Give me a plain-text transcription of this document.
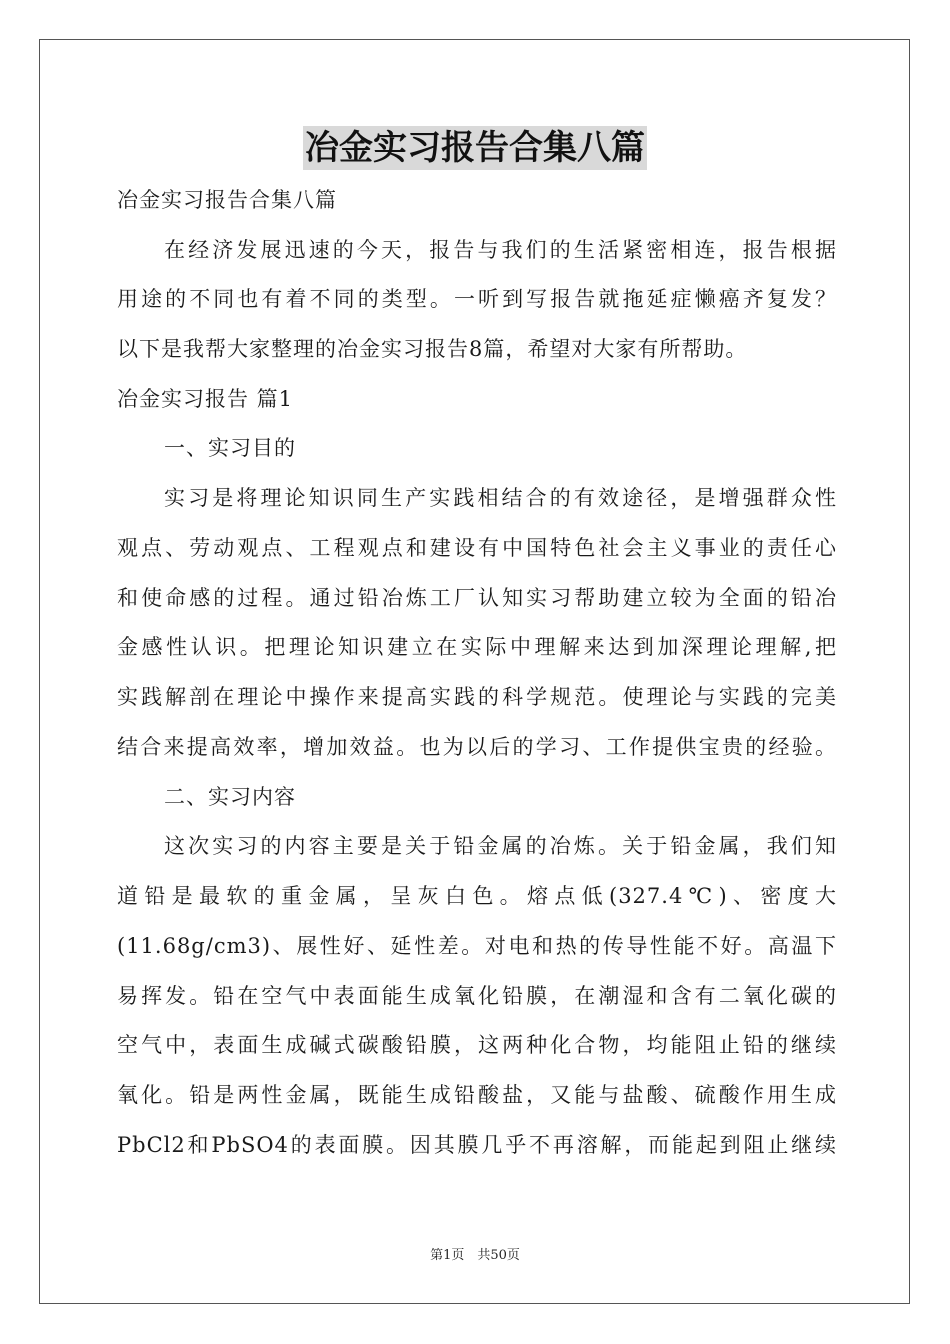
冶金实习报告合集八篇
冶金实习报告合集八篇
在经济发展迅速的今天，报告与我们的生活紧密相连，报告根据
用途的不同也有着不同的类型。一听到写报告就拖延症懒癌齐复发？
以下是我帮大家整理的冶金实习报告8篇，希望对大家有所帮助。
冶金实习报告 篇1
一、实习目的
实习是将理论知识同生产实践相结合的有效途径，是增强群众性
观点、劳动观点、工程观点和建设有中国特色社会主义事业的责任心
和使命感的过程。通过铅冶炼工厂认知实习帮助建立较为全面的铅冶
金感性认识。把理论知识建立在实际中理解来达到加深理论理解,把
实践解剖在理论中操作来提高实践的科学规范。使理论与实践的完美
结合来提高效率，增加效益。也为以后的学习、工作提供宝贵的经验。
二、实习内容
这次实习的内容主要是关于铅金属的冶炼。关于铅金属，我们知
道铅是最软的重金属，呈灰白色。熔点低(327.4℃)、密度大
(11.68g/cm3)、展性好、延性差。对电和热的传导性能不好。高温下
易挥发。铅在空气中表面能生成氧化铅膜，在潮湿和含有二氧化碳的
空气中，表面生成碱式碳酸铅膜，这两种化合物，均能阻止铅的继续
氧化。铅是两性金属，既能生成铅酸盐，又能与盐酸、硫酸作用生成
PbCl2和PbSO4的表面膜。因其膜几乎不再溶解，而能起到阻止继续
第1页　共50页
